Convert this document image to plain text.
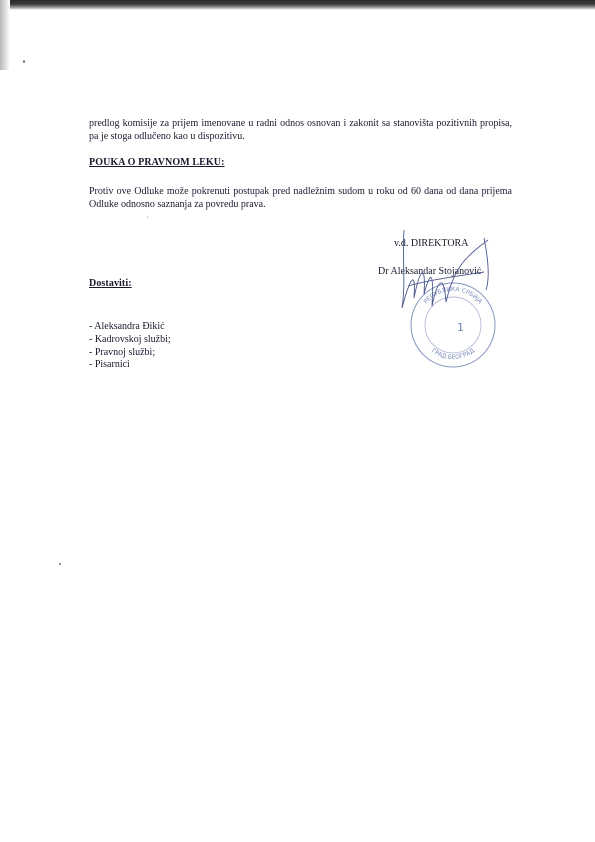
predlog komisije za prijem imenovane u radni odnos osnovan i zakonit sa stanovišta pozitivnih propisa, pa je stoga odlučeno kao u dispozitivu.

POUKA O PRAVNOM LEKU:

Protiv ove Odluke može pokrenuti postupak pred nadležnim sudom u roku od 60 dana od dana prijema Odluke odnosno saznanja za povredu prava.

v.d. DIREKTORA
Dr Aleksandar Stojanović

Dostaviti:

- Aleksandra Đikić
- Kadrovskoj službi;
- Pravnoj službi;
- Pisarnici
РЕПУБЛИКА СРБИЈА
ГРАД БЕОГРАД
1
